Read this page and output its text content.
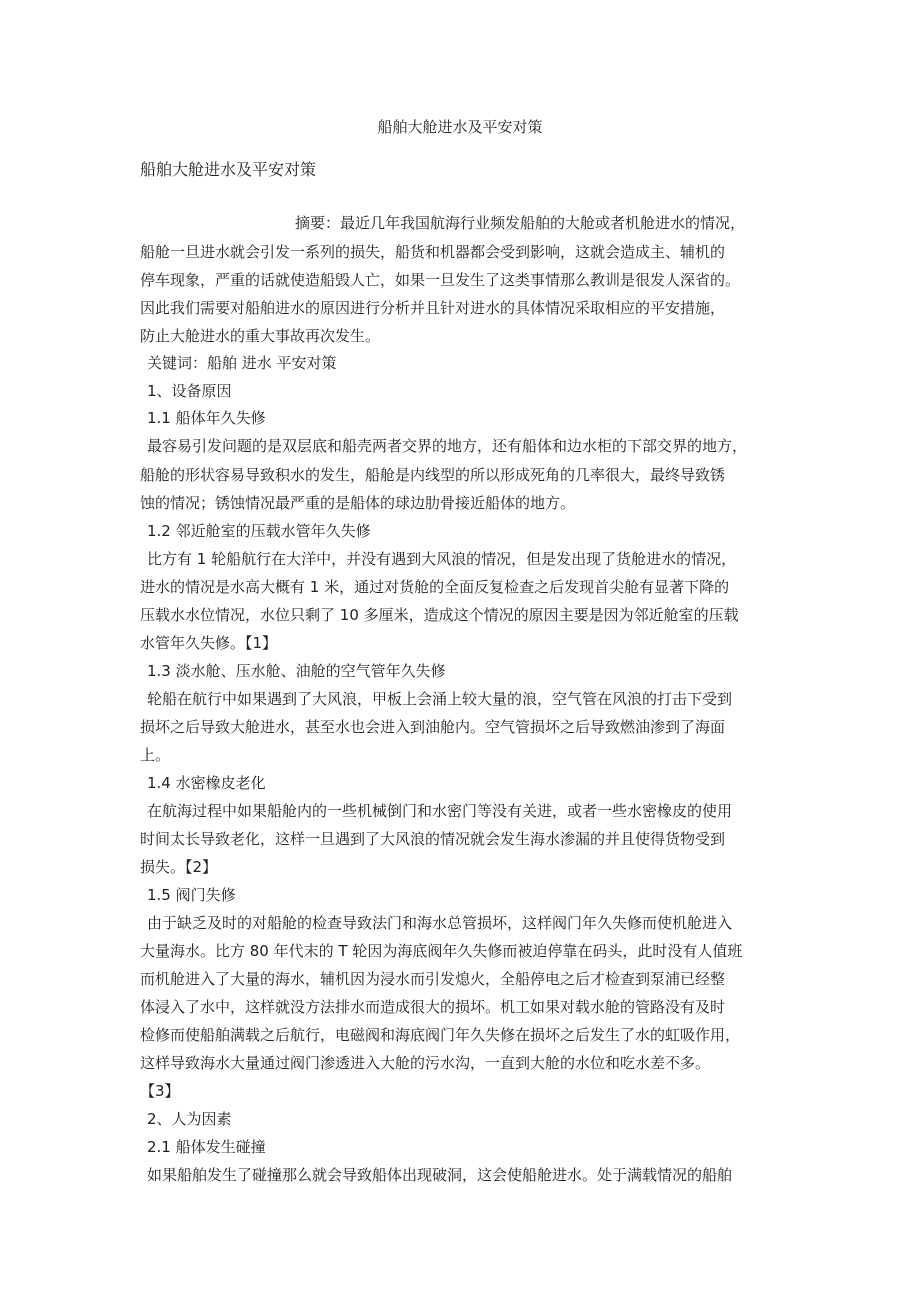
船舶大舱进水及平安对策
船舶大舱进水及平安对策
摘要：最近几年我国航海行业频发船舶的大舱或者机舱进水的情况，
船舱一旦进水就会引发一系列的损失，船货和机器都会受到影响，这就会造成主、辅机的
停车现象，严重的话就使造船毁人亡，如果一旦发生了这类事情那么教训是很发人深省的。
因此我们需要对船舶进水的原因进行分析并且针对进水的具体情况采取相应的平安措施，
防止大舱进水的重大事故再次发生。
关键词：船舶 进水 平安对策
1、设备原因
1.1 船体年久失修
最容易引发问题的是双层底和船壳两者交界的地方，还有船体和边水柜的下部交界的地方，
船舱的形状容易导致积水的发生，船舱是内线型的所以形成死角的几率很大，最终导致锈
蚀的情况；锈蚀情况最严重的是船体的球边肋骨接近船体的地方。
1.2 邻近舱室的压载水管年久失修
比方有 1 轮船航行在大洋中，并没有遇到大风浪的情况，但是发出现了货舱进水的情况，
进水的情况是水高大概有 1 米，通过对货舱的全面反复检查之后发现首尖舱有显著下降的
压载水水位情况，水位只剩了 10 多厘米，造成这个情况的原因主要是因为邻近舱室的压载
水管年久失修。【1】
1.3 淡水舱、压水舱、油舱的空气管年久失修
轮船在航行中如果遇到了大风浪，甲板上会涌上较大量的浪，空气管在风浪的打击下受到
损坏之后导致大舱进水，甚至水也会进入到油舱内。空气管损坏之后导致燃油渗到了海面
上。
1.4 水密橡皮老化
在航海过程中如果船舱内的一些机械倒门和水密门等没有关进，或者一些水密橡皮的使用
时间太长导致老化，这样一旦遇到了大风浪的情况就会发生海水渗漏的并且使得货物受到
损失。【2】
1.5 阀门失修
由于缺乏及时的对船舱的检查导致法门和海水总管损坏，这样阀门年久失修而使机舱进入
大量海水。比方 80 年代末的 T 轮因为海底阀年久失修而被迫停靠在码头，此时没有人值班
而机舱进入了大量的海水，辅机因为浸水而引发熄火，全船停电之后才检查到泵浦已经整
体浸入了水中，这样就没方法排水而造成很大的损坏。机工如果对载水舱的管路没有及时
检修而使船舶满载之后航行，电磁阀和海底阀门年久失修在损坏之后发生了水的虹吸作用，
这样导致海水大量通过阀门渗透进入大舱的污水沟，一直到大舱的水位和吃水差不多。
【3】
2、人为因素
2.1 船体发生碰撞
如果船舶发生了碰撞那么就会导致船体出现破洞，这会使船舱进水。处于满载情况的船舶
